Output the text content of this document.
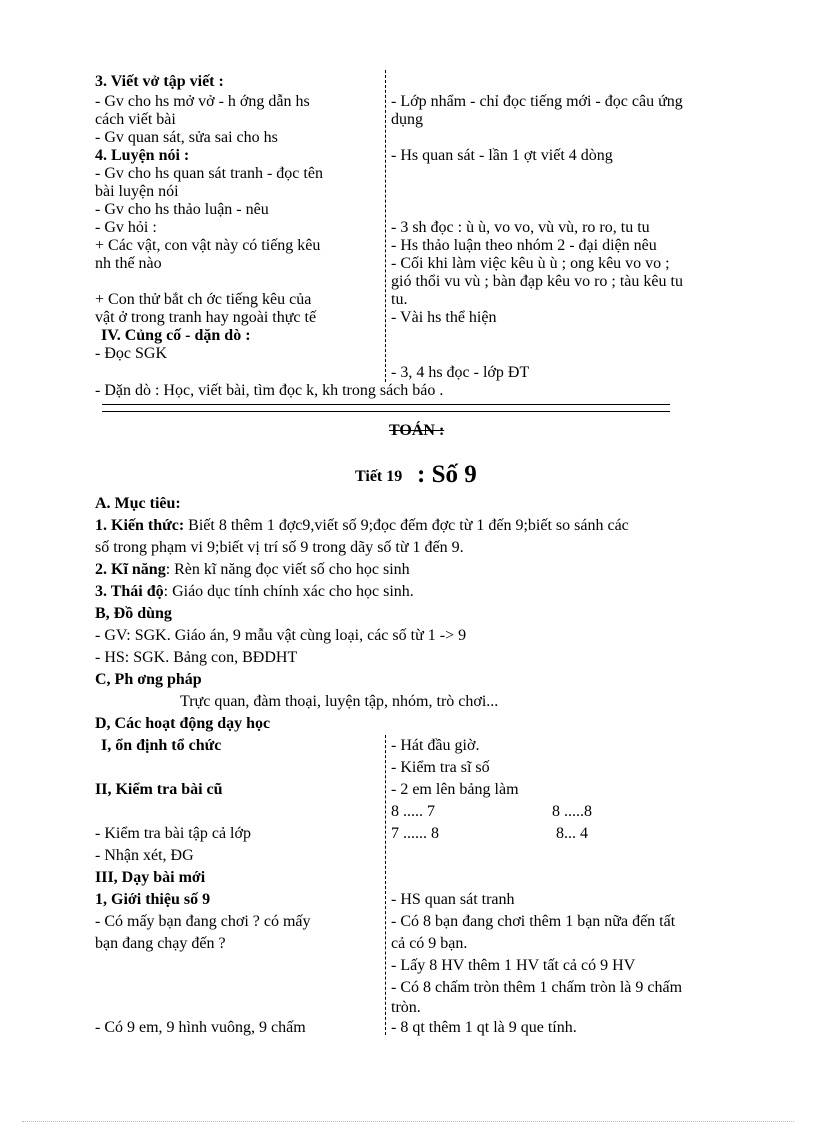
3. Viết vở tập viết :
- Gv cho hs mở vở - h ớng dẫn hs
cách viết bài
- Gv quan sát, sửa sai cho hs
4. Luyện nói :
- Gv cho hs quan sát tranh - đọc tên
bài luyện nói
- Gv cho hs thảo luận - nêu
- Gv hỏi :
+ Các vật, con vật này có tiếng kêu
nh thế nào
+ Con thử bắt ch ớc tiếng kêu của
vật ở trong tranh hay ngoài thực tế
IV. Củng cố - dặn dò :
- Đọc SGK
- Lớp nhẩm - chỉ đọc tiếng mới - đọc câu ứng
dụng
- Hs quan sát - lần 1 ợt viết 4 dòng
- 3 sh đọc : ù ù, vo vo, vù vù, ro ro, tu tu
- Hs thảo luận theo nhóm 2 - đại diện nêu
- Cối khi làm việc kêu ù ù ; ong kêu vo vo ;
gió thổi vu vù ; bàn đạp kêu vo ro ; tàu kêu tu
tu.
- Vài hs thể hiện
- 3, 4 hs đọc - lớp ĐT
- Dặn dò : Học, viết bài, tìm đọc k, kh trong sách báo .
TOÁN :
Tiết 19 : Số 9
A. Mục tiêu:
1. Kiến thức: Biết 8 thêm 1 đợc9,viết số 9;đọc đếm đợc từ 1 đến 9;biết so sánh các
số trong phạm vi 9;biết vị trí số 9 trong dãy số từ 1 đến 9.
2. Kĩ năng: Rèn kĩ năng đọc viết số cho học sinh
3. Thái độ: Giáo dục tính chính xác cho học sinh.
B, Đồ dùng
- GV: SGK. Giáo án, 9 mẫu vật cùng loại, các số từ 1 -> 9
- HS: SGK. Bảng con, BĐDHT
C, Ph ơng pháp
Trực quan, đàm thoại, luyện tập, nhóm, trò chơi...
D, Các hoạt động dạy học
I, ổn định tổ chức
II, Kiểm tra bài cũ
- Kiểm tra bài tập cả lớp
- Nhận xét, ĐG
III, Dạy bài mới
1, Giới thiệu số 9
- Có mấy bạn đang chơi ? có mấy
bạn đang chạy đến ?
- Có 9 em, 9 hình vuông, 9 chấm
- Hát đầu giờ.
- Kiểm tra sĩ số
- 2 em lên bảng làm
8 ..... 7	8 .....8
7 ...... 8	8... 4
- HS quan sát tranh
- Có 8 bạn đang chơi thêm 1 bạn nữa đến tất
cả có 9 bạn.
- Lấy 8 HV thêm 1 HV tất cả có 9 HV
- Có 8 chấm tròn thêm 1 chấm tròn là 9 chấm
tròn.
- 8 qt thêm 1 qt là 9 que tính.
